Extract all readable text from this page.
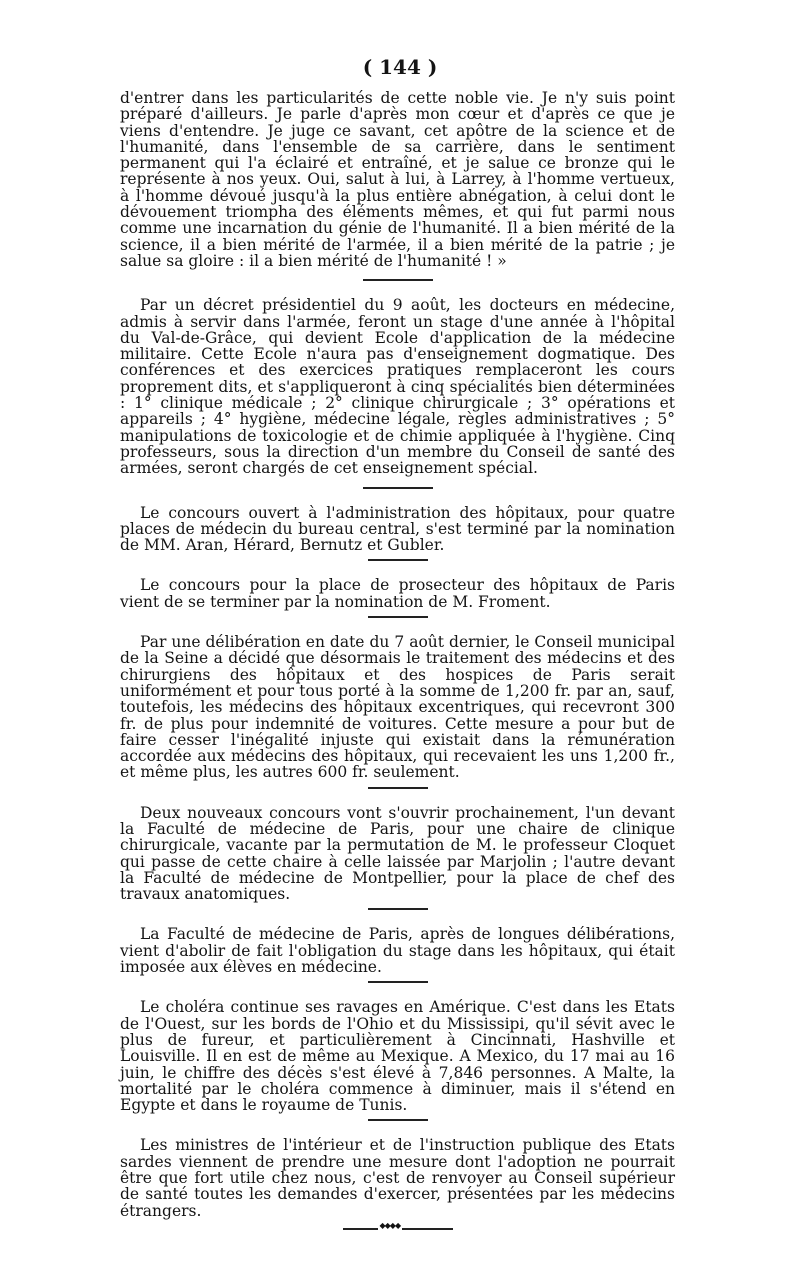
( 144 )

d'entrer dans les particularités de cette noble vie. Je n'y suis point préparé d'ailleurs. Je parle d'après mon cœur et d'après ce que je viens d'entendre. Je juge ce savant, cet apôtre de la science et de l'humanité, dans l'ensemble de sa carrière, dans le sentiment permanent qui l'a éclairé et entraîné, et je salue ce bronze qui le représente à nos yeux. Oui, salut à lui, à Larrey, à l'homme vertueux, à l'homme dévoué jusqu'à la plus entière abnégation, à celui dont le dévouement triompha des éléments mêmes, et qui fut parmi nous comme une incarnation du génie de l'humanité. Il a bien mérité de la science, il a bien mérité de l'armée, il a bien mérité de la patrie ; je salue sa gloire : il a bien mérité de l'humanité ! »

Par un décret présidentiel du 9 août, les docteurs en médecine, admis à servir dans l'armée, feront un stage d'une année à l'hôpital du Val-de-Grâce, qui devient Ecole d'application de la médecine militaire. Cette Ecole n'aura pas d'enseignement dogmatique. Des conférences et des exercices pratiques remplaceront les cours proprement dits, et s'appliqueront à cinq spécialités bien déterminées : 1° clinique médicale ; 2° clinique chirurgicale ; 3° opérations et appareils ; 4° hygiène, médecine légale, règles administratives ; 5° manipulations de toxicologie et de chimie appliquée à l'hygiène. Cinq professeurs, sous la direction d'un membre du Conseil de santé des armées, seront chargés de cet enseignement spécial.

Le concours ouvert à l'administration des hôpitaux, pour quatre places de médecin du bureau central, s'est terminé par la nomination de MM. Aran, Hérard, Bernutz et Gubler.

Le concours pour la place de prosecteur des hôpitaux de Paris vient de se terminer par la nomination de M. Froment.

Par une délibération en date du 7 août dernier, le Conseil municipal de la Seine a décidé que désormais le traitement des médecins et des chirurgiens des hôpitaux et des hospices de Paris serait uniformément et pour tous porté à la somme de 1,200 fr. par an, sauf, toutefois, les médecins des hôpitaux excentriques, qui recevront 300 fr. de plus pour indemnité de voitures. Cette mesure a pour but de faire cesser l'inégalité injuste qui existait dans la rémunération accordée aux médecins des hôpitaux, qui recevaient les uns 1,200 fr., et même plus, les autres 600 fr. seulement.

Deux nouveaux concours vont s'ouvrir prochainement, l'un devant la Faculté de médecine de Paris, pour une chaire de clinique chirurgicale, vacante par la permutation de M. le professeur Cloquet qui passe de cette chaire à celle laissée par Marjolin ; l'autre devant la Faculté de médecine de Montpellier, pour la place de chef des travaux anatomiques.

La Faculté de médecine de Paris, après de longues délibérations, vient d'abolir de fait l'obligation du stage dans les hôpitaux, qui était imposée aux élèves en médecine.

Le choléra continue ses ravages en Amérique. C'est dans les Etats de l'Ouest, sur les bords de l'Ohio et du Mississipi, qu'il sévit avec le plus de fureur, et particulièrement à Cincinnati, Hashville et Louisville. Il en est de même au Mexique. A Mexico, du 17 mai au 16 juin, le chiffre des décès s'est élevé à 7,846 personnes. A Malte, la mortalité par le choléra commence à diminuer, mais il s'étend en Egypte et dans le royaume de Tunis.

Les ministres de l'intérieur et de l'instruction publique des Etats sardes viennent de prendre une mesure dont l'adoption ne pourrait être que fort utile chez nous, c'est de renvoyer au Conseil supérieur de santé toutes les demandes d'exercer, présentées par les médecins étrangers.

◆◆◆◆
